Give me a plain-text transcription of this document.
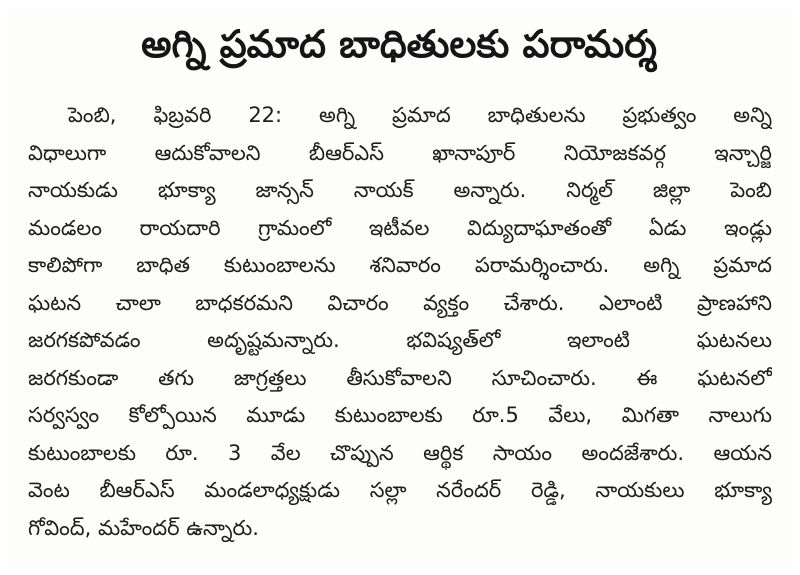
అగ్ని ప్రమాద బాధితులకు పరామర్శ
పెంబి, ఫిబ్రవరి 22: అగ్ని ప్రమాద బాధితులను ప్రభుత్వం అన్ని
విధాలుగా ఆదుకోవాలని బీఆర్ఎస్ ఖానాపూర్ నియోజకవర్గ ఇన్చార్జి
నాయకుడు భూక్యా జాన్సన్ నాయక్ అన్నారు. నిర్మల్ జిల్లా పెంబి
మండలం రాయదారి గ్రామంలో ఇటీవల విద్యుదాఘాతంతో ఏడు ఇండ్లు
కాలిపోగా బాధిత కుటుంబాలను శనివారం పరామర్శించారు. అగ్ని ప్రమాద
ఘటన చాలా బాధకరమని విచారం వ్యక్తం చేశారు. ఎలాంటి ప్రాణహాని
జరగకపోవడం అదృష్టమన్నారు. భవిష్యత్‌లో ఇలాంటి ఘటనలు
జరగకుండా తగు జాగ్రత్తలు తీసుకోవాలని సూచించారు. ఈ ఘటనలో
సర్వస్వం కోల్పోయిన మూడు కుటుంబాలకు రూ.5 వేలు, మిగతా నాలుగు
కుటుంబాలకు రూ. 3 వేల చొప్పున ఆర్థిక సాయం అందజేశారు. ఆయన
వెంట బీఆర్ఎస్ మండలాధ్యక్షుడు సల్లా నరేందర్ రెడ్డి, నాయకులు భూక్యా
గోవింద్, మహేందర్ ఉన్నారు.
